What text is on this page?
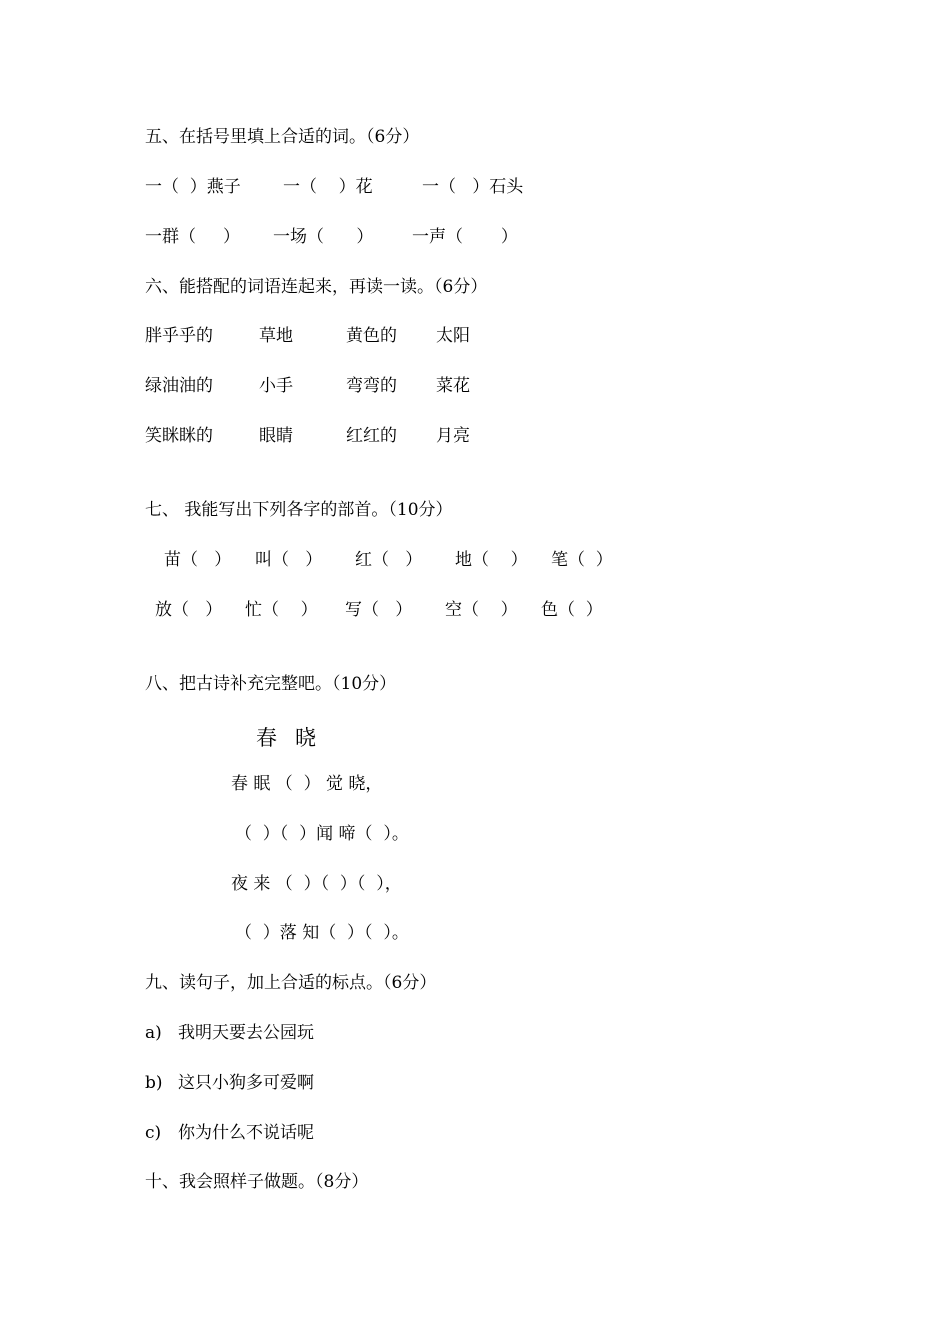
五、在括号里填上合适的词。（6分）
一（  ）燕子 一（    ）花	一（   ）石头
一群（     ） 一场（      ） 一声（       ）
六、能搭配的词语连起来，再读一读。（6分）
胖乎乎的	草地	黄色的 太阳
绿油油的	小手	弯弯的 菜花
笑眯眯的	眼睛	红红的 月亮
七、 我能写出下列各字的部首。（10分）
苗（   ） 叫（   ） 红（   ） 地（    ） 笔（  ）
放（   ） 忙（    ） 写（   ） 空（    ） 色（  ）
八、把古诗补充完整吧。（10分）
春晓
春 眠 （  ） 觉 晓，
（  ）（  ）闻 啼（  ）。
夜 来 （  ）（  ）（  ），
（  ）落 知（  ）（  ）。
九、读句子，加上合适的标点。（6分）
a) 我明天要去公园玩
b) 这只小狗多可爱啊
c) 你为什么不说话呢
十、我会照样子做题。（8分）
